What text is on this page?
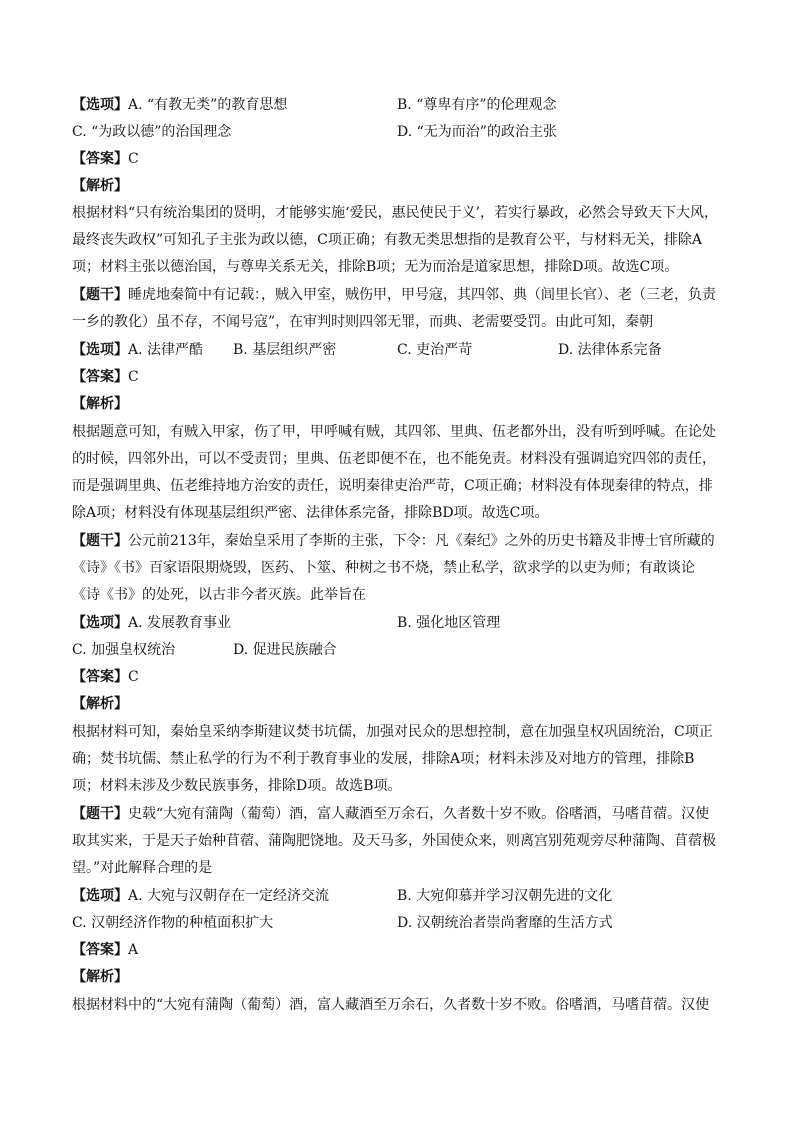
【选项】A. “有教无类”的教育思想	B. “尊卑有序”的伦理观念
C. “为政以德”的治国理念	D. “无为而治”的政治主张
【答案】C
【解析】
根据材料“只有统治集团的贤明，才能够实施‘爱民，惠民使民于义’，若实行暴政，必然会导致天下大风，
最终丧失政权”可知孔子主张为政以德，C项正确；有教无类思想指的是教育公平，与材料无关，排除A
项；材料主张以德治国，与尊卑关系无关，排除B项；无为而治是道家思想，排除D项。故选C项。
【题干】睡虎地秦简中有记载：，贼入甲室，贼伤甲，甲号寇，其四邻、典（闾里长官）、老（三老，负责
一乡的教化）虽不存，不闻号寇”，在审判时则四邻无罪，而典、老需要受罚。由此可知，秦朝
【选项】A. 法律严酷 B. 基层组织严密	C. 吏治严苛	D. 法律体系完备
【答案】C
【解析】
根据题意可知，有贼入甲家，伤了甲，甲呼喊有贼，其四邻、里典、伍老都外出，没有听到呼喊。在论处
的时候，四邻外出，可以不受责罚；里典、伍老即便不在，也不能免责。材料没有强调追究四邻的责任，
而是强调里典、伍老维持地方治安的责任，说明秦律吏治严苛，C项正确；材料没有体现秦律的特点，排
除A项；材料没有体现基层组织严密、法律体系完备，排除BD项。故选C项。
【题干】公元前213年，秦始皇采用了李斯的主张，下令：凡《秦纪》之外的历史书籍及非博士官所藏的
《诗》《书》百家语限期烧毁，医药、卜筮、种树之书不烧，禁止私学，欲求学的以吏为师；有敢谈论
《诗《书》的处死，以古非今者灭族。此举旨在
【选项】A. 发展教育事业	B. 强化地区管理
C. 加强皇权统治	D. 促进民族融合
【答案】C
【解析】
根据材料可知，秦始皇采纳李斯建议焚书坑儒，加强对民众的思想控制，意在加强皇权巩固统治，C项正
确；焚书坑儒、禁止私学的行为不利于教育事业的发展，排除A项；材料未涉及对地方的管理，排除B
项；材料未涉及少数民族事务，排除D项。故选B项。
【题干】史载“大宛有蒲陶（葡萄）酒，富人藏酒至万余石，久者数十岁不败。俗嗜酒，马嗜苜蓿。汉使
取其实来，于是天子始种苜蓿、蒲陶肥饶地。及天马多，外国使众来，则离宫别苑观旁尽种蒲陶、苜蓿极
望。”对此解释合理的是
【选项】A. 大宛与汉朝存在一定经济交流	B. 大宛仰慕并学习汉朝先进的文化
C. 汉朝经济作物的种植面积扩大	D. 汉朝统治者崇尚奢靡的生活方式
【答案】A
【解析】
根据材料中的“大宛有蒲陶（葡萄）酒，富人藏酒至万余石，久者数十岁不败。俗嗜酒，马嗜苜蓿。汉使
